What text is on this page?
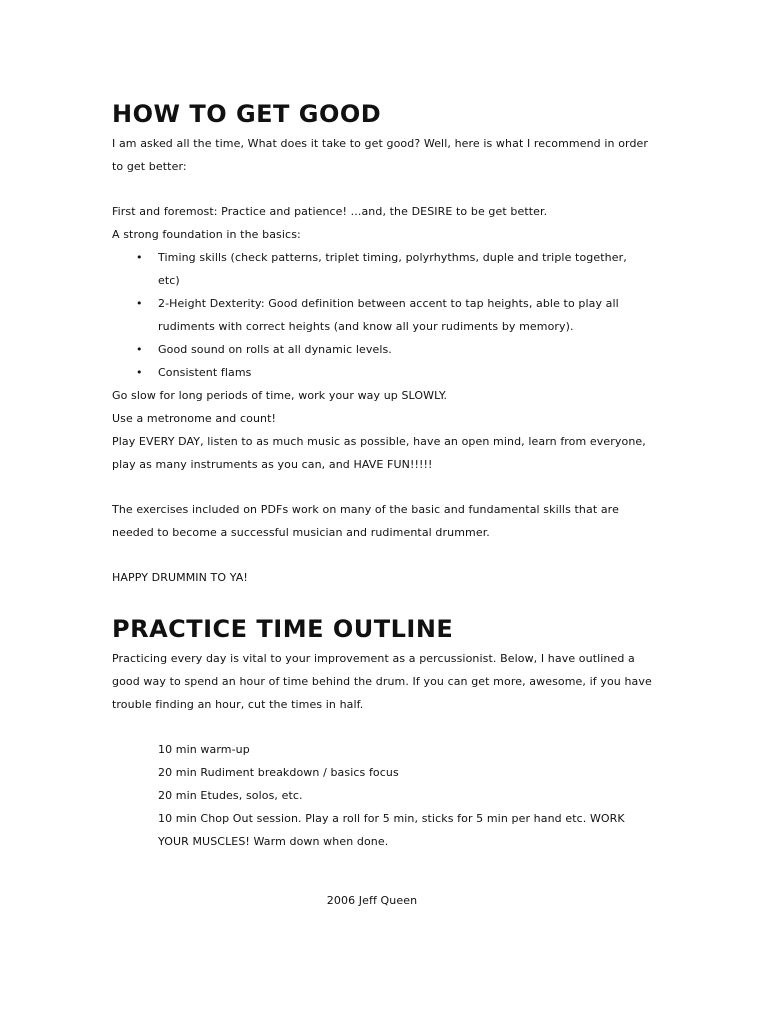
HOW TO GET GOOD

I am asked all the time, What does it take to get good? Well, here is what I recommend in order to get better:

First and foremost: Practice and patience! ...and, the DESIRE to be get better.

A strong foundation in the basics:

• Timing skills (check patterns, triplet timing, polyrhythms, duple and triple together, etc)
• 2-Height Dexterity: Good definition between accent to tap heights, able to play all rudiments with correct heights (and know all your rudiments by memory).
• Good sound on rolls at all dynamic levels.
• Consistent flams

Go slow for long periods of time, work your way up SLOWLY.

Use a metronome and count!

Play EVERY DAY, listen to as much music as possible, have an open mind, learn from everyone, play as many instruments as you can, and HAVE FUN!!!!!

The exercises included on PDFs work on many of the basic and fundamental skills that are needed to become a successful musician and rudimental drummer.

HAPPY DRUMMIN TO YA!

PRACTICE TIME OUTLINE

Practicing every day is vital to your improvement as a percussionist. Below, I have outlined a good way to spend an hour of time behind the drum. If you can get more, awesome, if you have trouble finding an hour, cut the times in half.

10 min warm-up

20 min Rudiment breakdown / basics focus

20 min Etudes, solos, etc.

10 min Chop Out session. Play a roll for 5 min, sticks for 5 min per hand etc. WORK YOUR MUSCLES! Warm down when done.

2006 Jeff Queen
